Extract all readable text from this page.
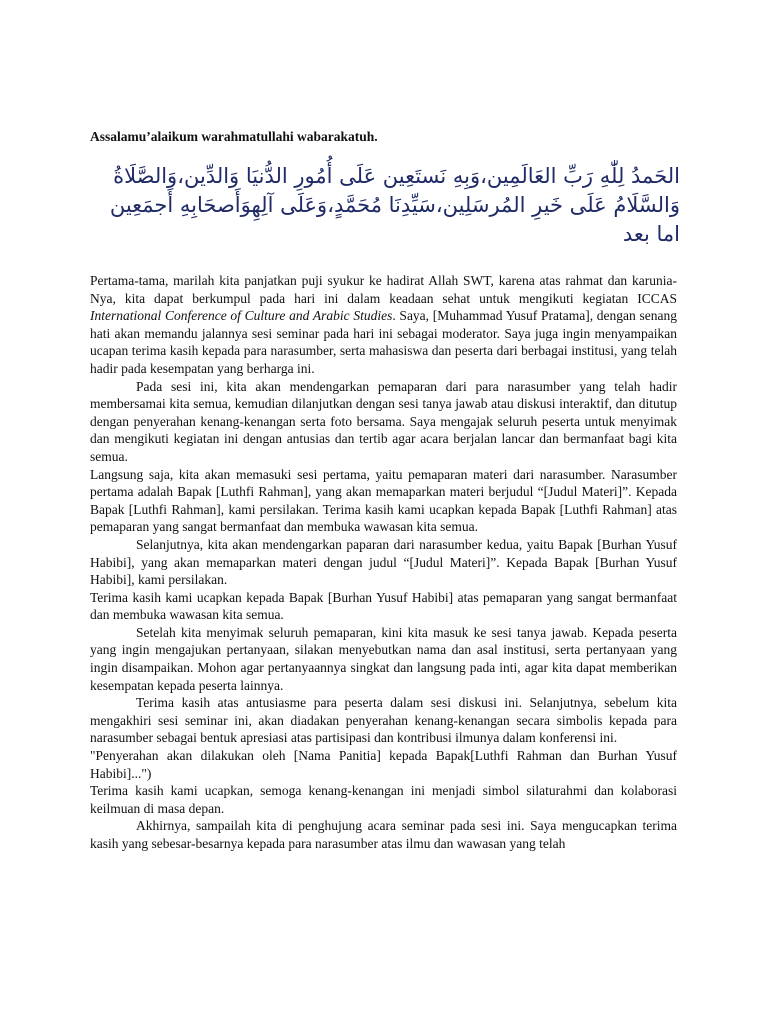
Assalamu’alaikum warahmatullahi wabarakatuh.
الحَمدُ لِلّٰهِ رَبِّ العَالَمِين،وَبِهِ نَستَعِين عَلَى أُمُورِ الدُّنيَا وَالدِّين،وَالصَّلَاةُ وَالسَّلَامُ عَلَى خَيرِ المُرسَلِين،سَيِّدِنَا مُحَمَّدٍ،وَعَلَى آلِهِوَأَصحَابِهِ أَجمَعِين اما بعد

Pertama-tama, marilah kita panjatkan puji syukur ke hadirat Allah SWT, karena atas rahmat dan karunia-Nya, kita dapat berkumpul pada hari ini dalam keadaan sehat untuk mengikuti kegiatan ICCAS International Conference of Culture and Arabic Studies. Saya, [Muhammad Yusuf Pratama], dengan senang hati akan memandu jalannya sesi seminar pada hari ini sebagai moderator. Saya juga ingin menyampaikan ucapan terima kasih kepada para narasumber, serta mahasiswa dan peserta dari berbagai institusi, yang telah hadir pada kesempatan yang berharga ini.

Pada sesi ini, kita akan mendengarkan pemaparan dari para narasumber yang telah hadir membersamai kita semua, kemudian dilanjutkan dengan sesi tanya jawab atau diskusi interaktif, dan ditutup dengan penyerahan kenang-kenangan serta foto bersama. Saya mengajak seluruh peserta untuk menyimak dan mengikuti kegiatan ini dengan antusias dan tertib agar acara berjalan lancar dan bermanfaat bagi kita semua.

Langsung saja, kita akan memasuki sesi pertama, yaitu pemaparan materi dari narasumber. Narasumber pertama adalah Bapak [Luthfi Rahman], yang akan memaparkan materi berjudul “[Judul Materi]”. Kepada Bapak [Luthfi Rahman], kami persilakan. Terima kasih kami ucapkan kepada Bapak [Luthfi Rahman] atas pemaparan yang sangat bermanfaat dan membuka wawasan kita semua.

Selanjutnya, kita akan mendengarkan paparan dari narasumber kedua, yaitu Bapak [Burhan Yusuf Habibi], yang akan memaparkan materi dengan judul “[Judul Materi]”. Kepada Bapak [Burhan Yusuf Habibi], kami persilakan.

Terima kasih kami ucapkan kepada Bapak [Burhan Yusuf Habibi] atas pemaparan yang sangat bermanfaat dan membuka wawasan kita semua.

Setelah kita menyimak seluruh pemaparan, kini kita masuk ke sesi tanya jawab. Kepada peserta yang ingin mengajukan pertanyaan, silakan menyebutkan nama dan asal institusi, serta pertanyaan yang ingin disampaikan. Mohon agar pertanyaannya singkat dan langsung pada inti, agar kita dapat memberikan kesempatan kepada peserta lainnya.

Terima kasih atas antusiasme para peserta dalam sesi diskusi ini. Selanjutnya, sebelum kita mengakhiri sesi seminar ini, akan diadakan penyerahan kenang-kenangan secara simbolis kepada para narasumber sebagai bentuk apresiasi atas partisipasi dan kontribusi ilmunya dalam konferensi ini.

"Penyerahan akan dilakukan oleh [Nama Panitia] kepada Bapak[Luthfi Rahman dan Burhan Yusuf Habibi]...")

Terima kasih kami ucapkan, semoga kenang-kenangan ini menjadi simbol silaturahmi dan kolaborasi keilmuan di masa depan.

Akhirnya, sampailah kita di penghujung acara seminar pada sesi ini. Saya mengucapkan terima kasih yang sebesar-besarnya kepada para narasumber atas ilmu dan wawasan yang telah
